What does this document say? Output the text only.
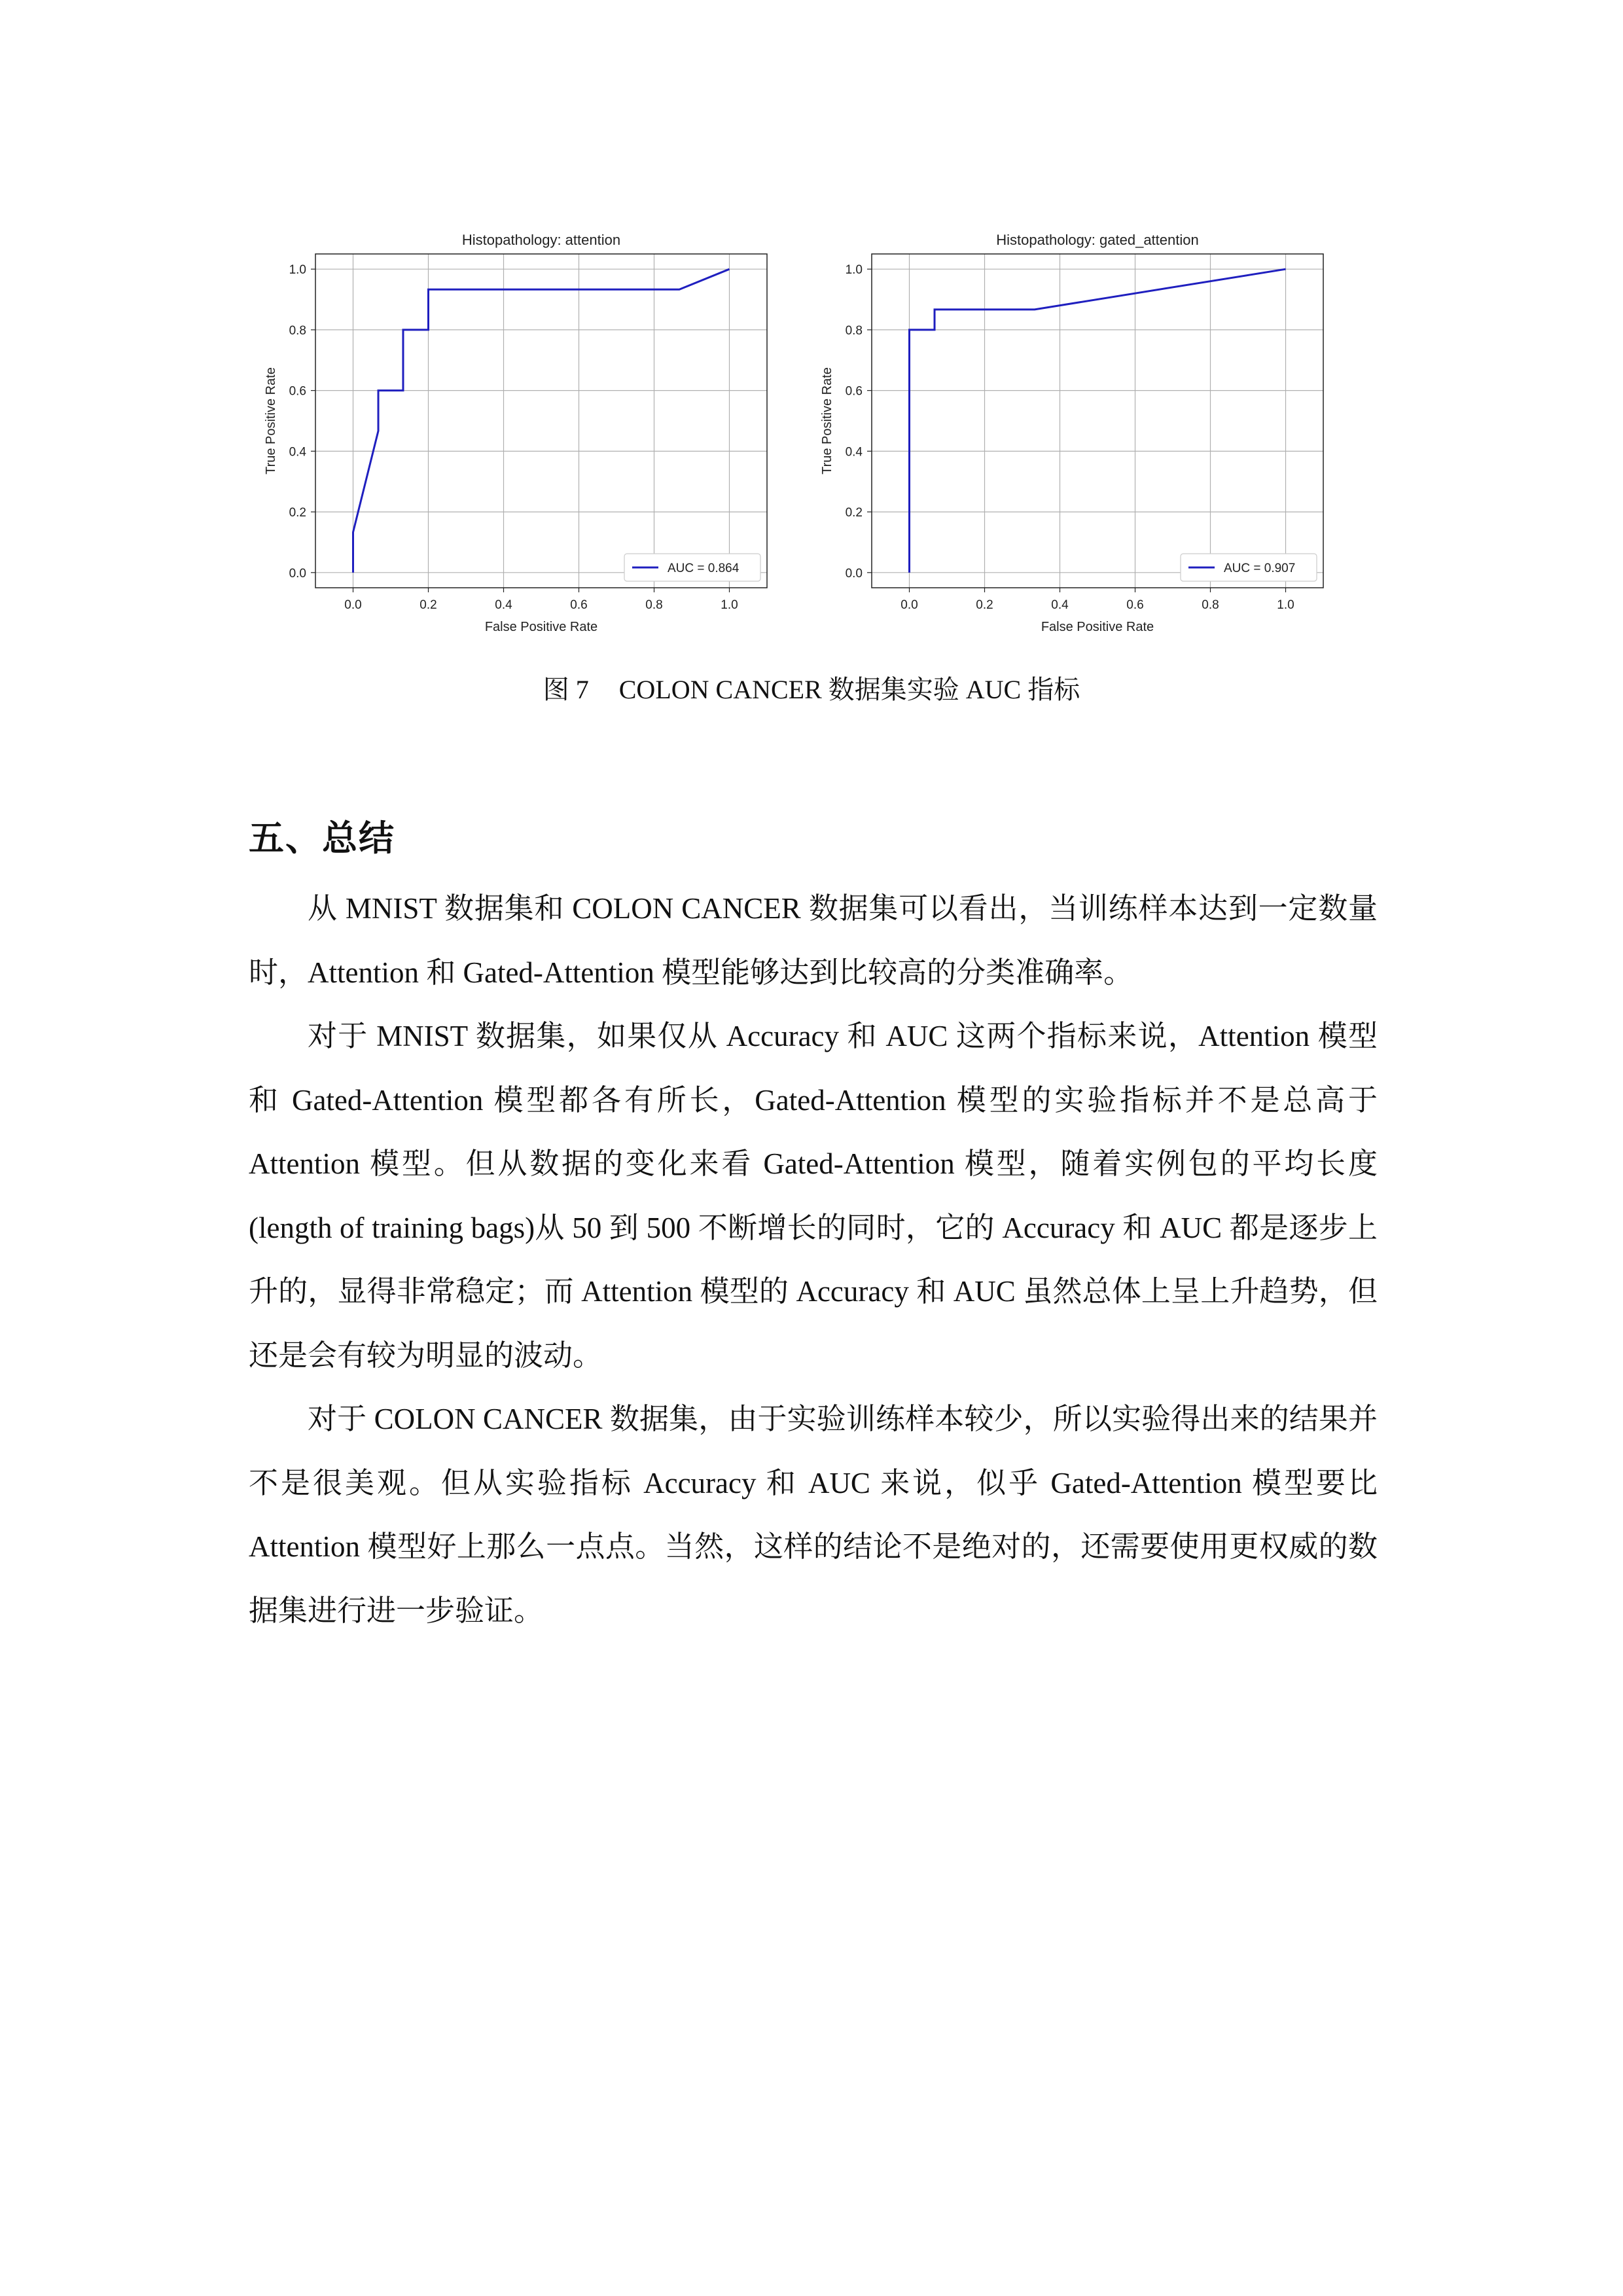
Histopathology: attention
0.0	0.2	0.4	0.6	0.8	1.0
0.0
0.2
0.4
0.6
0.8
1.0
False Positive Rate
True Positive Rate
AUC = 0.864
Histopathology: gated_attention
0.0	0.2	0.4	0.6	0.8	1.0
0.0
0.2
0.4
0.6
0.8
1.0
False Positive Rate
True Positive Rate
AUC = 0.907
图 7 COLON CANCER 数据集实验 AUC 指标
五、总结

从 MNIST 数据集和 COLON CANCER 数据集可以看出，当训练样本达到一定数量时，Attention 和 Gated-Attention 模型能够达到比较高的分类准确率。

对于 MNIST 数据集，如果仅从 Accuracy 和 AUC 这两个指标来说，Attention 模型和 Gated-Attention 模型都各有所长，Gated-Attention 模型的实验指标并不是总高于 Attention 模型。但从数据的变化来看 Gated-Attention 模型，随着实例包的平均长度(length of training bags)从 50 到 500 不断增长的同时，它的 Accuracy 和 AUC 都是逐步上升的，显得非常稳定；而 Attention 模型的 Accuracy 和 AUC 虽然总体上呈上升趋势，但还是会有较为明显的波动。

对于 COLON CANCER 数据集，由于实验训练样本较少，所以实验得出来的结果并不是很美观。但从实验指标 Accuracy 和 AUC 来说，似乎 Gated-Attention 模型要比 Attention 模型好上那么一点点。当然，这样的结论不是绝对的，还需要使用更权威的数据集进行进一步验证。
